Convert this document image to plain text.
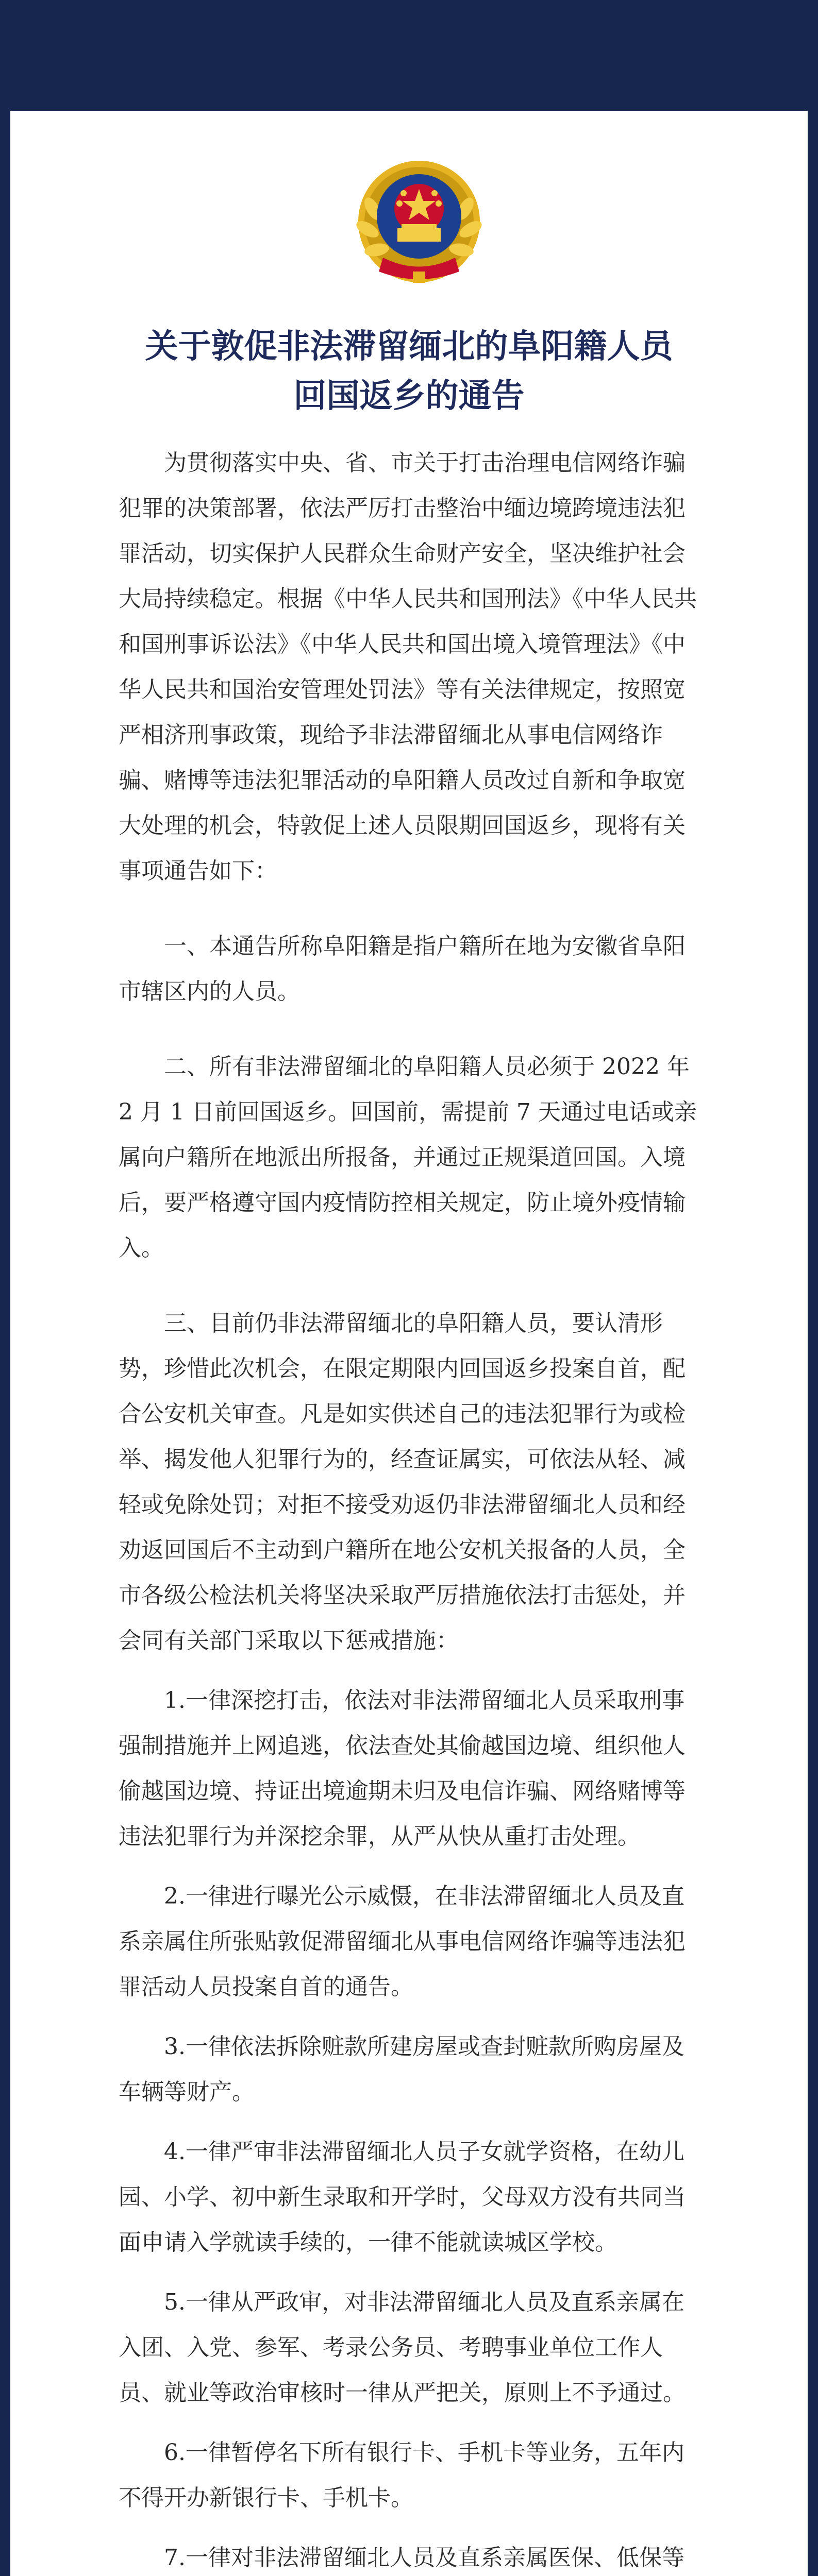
关于敦促非法滞留缅北的阜阳籍人员
回国返乡的通告

为贯彻落实中央、省、市关于打击治理电信网络诈骗犯罪的决策部署，依法严厉打击整治中缅边境跨境违法犯罪活动，切实保护人民群众生命财产安全，坚决维护社会大局持续稳定。根据《中华人民共和国刑法》《中华人民共和国刑事诉讼法》《中华人民共和国出境入境管理法》《中华人民共和国治安管理处罚法》等有关法律规定，按照宽严相济刑事政策，现给予非法滞留缅北从事电信网络诈骗、赌博等违法犯罪活动的阜阳籍人员改过自新和争取宽大处理的机会，特敦促上述人员限期回国返乡，现将有关事项通告如下：

一、本通告所称阜阳籍是指户籍所在地为安徽省阜阳市辖区内的人员。

二、所有非法滞留缅北的阜阳籍人员必须于 2022 年 2 月 1 日前回国返乡。回国前，需提前 7 天通过电话或亲属向户籍所在地派出所报备，并通过正规渠道回国。入境后，要严格遵守国内疫情防控相关规定，防止境外疫情输入。

三、目前仍非法滞留缅北的阜阳籍人员，要认清形势，珍惜此次机会，在限定期限内回国返乡投案自首，配合公安机关审查。凡是如实供述自己的违法犯罪行为或检举、揭发他人犯罪行为的，经查证属实，可依法从轻、减轻或免除处罚；对拒不接受劝返仍非法滞留缅北人员和经劝返回国后不主动到户籍所在地公安机关报备的人员，全市各级公检法机关将坚决采取严厉措施依法打击惩处，并会同有关部门采取以下惩戒措施：

1.一律深挖打击，依法对非法滞留缅北人员采取刑事强制措施并上网追逃，依法查处其偷越国边境、组织他人偷越国边境、持证出境逾期未归及电信诈骗、网络赌博等违法犯罪行为并深挖余罪，从严从快从重打击处理。

2.一律进行曝光公示威慑，在非法滞留缅北人员及直系亲属住所张贴敦促滞留缅北从事电信网络诈骗等违法犯罪活动人员投案自首的通告。

3.一律依法拆除赃款所建房屋或查封赃款所购房屋及车辆等财产。

4.一律严审非法滞留缅北人员子女就学资格，在幼儿园、小学、初中新生录取和开学时，父母双方没有共同当面申请入学就读手续的，一律不能就读城区学校。

5.一律从严政审，对非法滞留缅北人员及直系亲属在入团、入党、参军、考录公务员、考聘事业单位工作人员、就业等政治审核时一律从严把关，原则上不予通过。

6.一律暂停名下所有银行卡、手机卡等业务，五年内不得开办新银行卡、手机卡。

7.一律对非法滞留缅北人员及直系亲属医保、低保等
